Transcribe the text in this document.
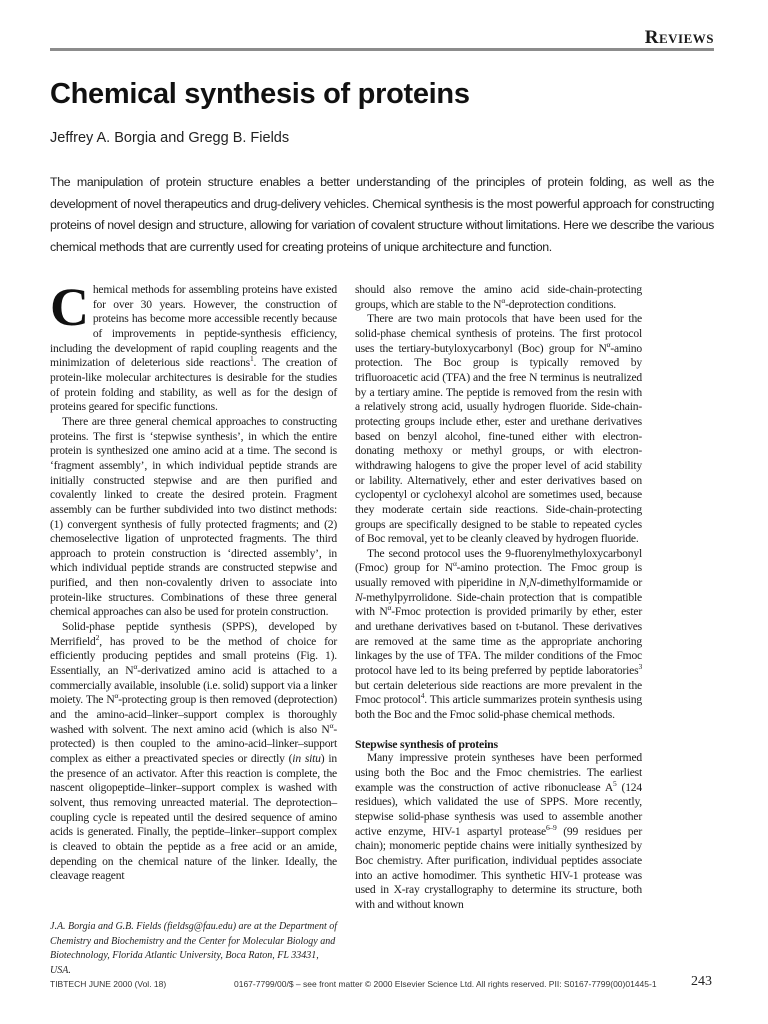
Reviews
Chemical synthesis of proteins
Jeffrey A. Borgia and Gregg B. Fields

The manipulation of protein structure enables a better understanding of the principles of protein folding, as well as the development of novel therapeutics and drug-delivery vehicles. Chemical synthesis is the most powerful approach for constructing proteins of novel design and structure, allowing for variation of covalent structure without limitations. Here we describe the various chemical methods that are currently used for creating proteins of unique architecture and function.

Chemical methods for assembling proteins have existed for over 30 years. However, the construction of proteins has become more accessible recently because of improvements in peptide-synthesis efficiency, including the development of rapid coupling reagents and the minimization of deleterious side reactions$^1$. The creation of protein-like molecular architectures is desirable for the studies of protein folding and stability, as well as for the design of proteins geared for specific functions.

There are three general chemical approaches to constructing proteins. The first is ‘stepwise synthesis’, in which the entire protein is synthesized one amino acid at a time. The second is ‘fragment assembly’, in which individual peptide strands are initially constructed stepwise and are then purified and covalently linked to create the desired protein. Fragment assembly can be further subdivided into two distinct methods: (1) convergent synthesis of fully protected fragments; and (2) chemoselective ligation of unprotected fragments. The third approach to protein construction is ‘directed assembly’, in which individual peptide strands are constructed stepwise and purified, and then non-covalently driven to associate into protein-like structures. Combinations of these three general chemical approaches can also be used for protein construction.

Solid-phase peptide synthesis (SPPS), developed by Merrifield$^2$, has proved to be the method of choice for efficiently producing peptides and small proteins (Fig. 1). Essentially, an $N^\alpha$-derivatized amino acid is attached to a commercially available, insoluble (i.e. solid) support via a linker moiety. The $N^\alpha$-protecting group is then removed (deprotection) and the amino-acid–linker–support complex is thoroughly washed with solvent. The next amino acid (which is also $N^\alpha-protected$) is then coupled to the amino-acid–linker–support complex as either a preactivated species or directly (in situ) in the presence of an activator. After this reaction is complete, the nascent oligopeptide–linker–support complex is washed with solvent, thus removing unreacted material. The deprotection–coupling cycle is repeated until the desired sequence of amino acids is generated. Finally, the peptide–linker–support complex is cleaved to obtain the peptide as a free acid or an amide, depending on the chemical nature of the linker. Ideally, the cleavage reagent

should also remove the amino acid side-chain-protecting groups, which are stable to the $N^\alpha$-deprotection conditions.

There are two main protocols that have been used for the solid-phase chemical synthesis of proteins. The first protocol uses the tertiary-butyloxycarbonyl (Boc) group for $N^\alpha$-amino protection. The Boc group is typically removed by trifluoroacetic acid (TFA) and the free N terminus is neutralized by a tertiary amine. The peptide is removed from the resin with a relatively strong acid, usually hydrogen fluoride. Side-chain-protecting groups include ether, ester and urethane derivatives based on benzyl alcohol, fine-tuned either with electron-donating methoxy or methyl groups, or with electron-withdrawing halogens to give the proper level of acid stability or lability. Alternatively, ether and ester derivatives based on cyclopentyl or cyclohexyl alcohol are sometimes used, because they moderate certain side reactions. Side-chain-protecting groups are specifically designed to be stable to repeated cycles of Boc removal, yet to be cleanly cleaved by hydrogen fluoride.

The second protocol uses the 9-fluorenylmethyloxycarbonyl (Fmoc) group for $N^\alpha$-amino protection. The Fmoc group is usually removed with piperidine in N,N-dimethylformamide or N-methylpyrrolidone. Side-chain protection that is compatible with $N^\alpha$-Fmoc protection is provided primarily by ether, ester and urethane derivatives based on t-butanol. These derivatives are removed at the same time as the appropriate anchoring linkages by the use of TFA. The milder conditions of the Fmoc protocol have led to its being preferred by peptide laboratories$^3$ but certain deleterious side reactions are more prevalent in the Fmoc protocol$^4$. This article summarizes protein synthesis using both the Boc and the Fmoc solid-phase chemical methods.

Stepwise synthesis of proteins

Many impressive protein syntheses have been performed using both the Boc and the Fmoc chemistries. The earliest example was the construction of active ribonuclease $A^5$ (124 residues), which validated the use of SPPS. More recently, stepwise solid-phase synthesis was used to assemble another active enzyme, HIV-1 aspartyl protease$^{6-9}$ (99 residues per chain); monomeric peptide chains were initially synthesized by Boc chemistry. After purification, individual peptides associate into an active homodimer. This synthetic HIV-1 protease was used in X-ray crystallography to determine its structure, both with and without known

J.A. Borgia and G.B. Fields (fieldsg@fau.edu) are at the Department of Chemistry and Biochemistry and the Center for Molecular Biology and Biotechnology, Florida Atlantic University, Boca Raton, FL 33431, USA.
TIBTECH JUNE 2000 (Vol. 18)	0167-7799/00/$ – see front matter © 2000 Elsevier Science Ltd. All rights reserved. PII: S0167-7799(00)01445-1 243
